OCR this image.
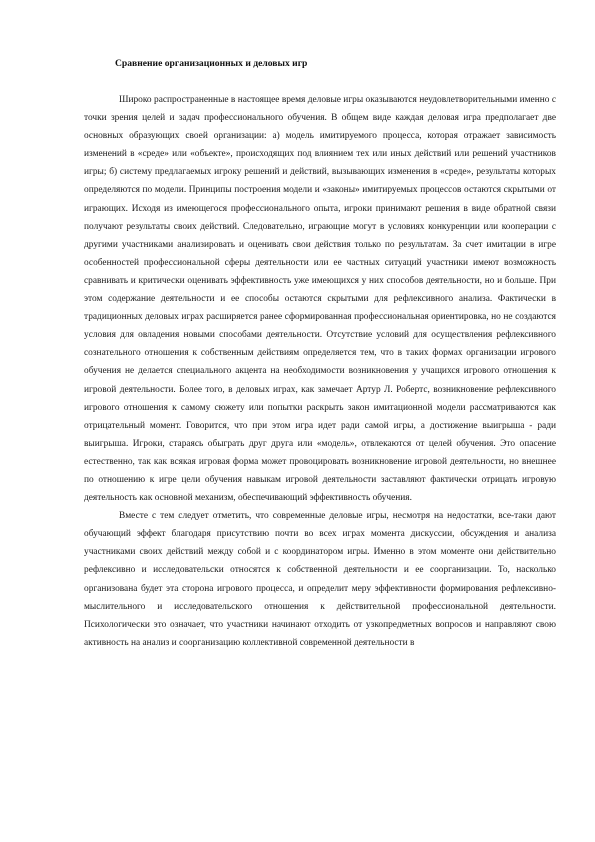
Сравнение организационных и деловых игр

Широко распространенные в настоящее время деловые игры оказываются неудовлетворительными именно с точки зрения целей и задач профессионального обучения. В общем виде каждая деловая игра предполагает две основных образующих своей организации: а) модель имитируемого процесса, которая отражает зависимость изменений в «среде» или «объекте», происходящих под влиянием тех или иных действий или решений участников игры; б) систему предлагаемых игроку решений и действий, вызывающих изменения в «среде», результаты которых определяются по модели. Принципы построения модели и «законы» имитируемых процессов остаются скрытыми от играющих. Исходя из имеющегося профессионального опыта, игроки принимают решения в виде обратной связи получают результаты своих действий. Следовательно, играющие могут в условиях конкуренции или кооперации с другими участниками анализировать и оценивать свои действия только по результатам. За счет имитации в игре особенностей профессиональной сферы деятельности или ее частных ситуаций участники имеют возможность сравнивать и критически оценивать эффективность уже имеющихся у них способов деятельности, но и больше. При этом содержание деятельности и ее способы остаются скрытыми для рефлексивного анализа. Фактически в традиционных деловых играх расширяется ранее сформированная профессиональная ориентировка, но не создаются условия для овладения новыми способами деятельности. Отсутствие условий для осуществления рефлексивного сознательного отношения к собственным действиям определяется тем, что в таких формах организации игрового обучения не делается специального акцента на необходимости возникновения у учащихся игрового отношения к игровой деятельности. Более того, в деловых играх, как замечает Артур Л. Робертс, возникновение рефлексивного игрового отношения к самому сюжету или попытки раскрыть закон имитационной модели рассматриваются как отрицательный момент. Говорится, что при этом игра идет ради самой игры, а достижение выигрыша - ради выигрыша. Игроки, стараясь обыграть друг друга или «модель», отвлекаются от целей обучения. Это опасение естественно, так как всякая игровая форма может провоцировать возникновение игровой деятельности, но внешнее по отношению к игре цели обучения навыкам игровой деятельности заставляют фактически отрицать игровую деятельность как основной механизм, обеспечивающий эффективность обучения.

Вместе с тем следует отметить, что современные деловые игры, несмотря на недостатки, все-таки дают обучающий эффект благодаря присутствию почти во всех играх момента дискуссии, обсуждения и анализа участниками своих действий между собой и с координатором игры. Именно в этом моменте они действительно рефлексивно и исследовательски относятся к собственной деятельности и ее соорганизации. То, насколько организована будет эта сторона игрового процесса, и определит меру эффективности формирования рефлексивно-мыслительного и исследовательского отношения к действительной профессиональной деятельности. Психологически это означает, что участники начинают отходить от узкопредметных вопросов и направляют свою активность на анализ и соорганизацию коллективной современной деятельности в
